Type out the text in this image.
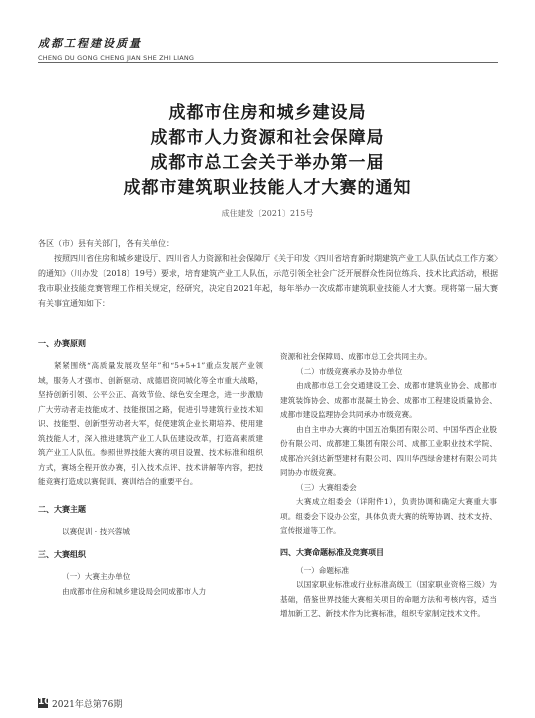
成都工程建设质量
CHENG DU GONG CHENG JIAN SHE ZHI LIANG
成都市住房和城乡建设局
成都市人力资源和社会保障局
成都市总工会关于举办第一届
成都市建筑职业技能人才大赛的通知
成住建发〔2021〕215号
各区（市）县有关部门，各有关单位：
按照四川省住房和城乡建设厅、四川省人力资源和社会保障厅《关于印发〈四川省培育新时期建筑产业工人队伍试点工作方案〉的通知》（川办发〔2018〕19号）要求，培育建筑产业工人队伍，示范引领全社会广泛开展群众性岗位练兵、技术比武活动，根据我市职业技能竞赛管理工作相关规定，经研究，决定自2021年起，每年举办一次成都市建筑职业技能人才大赛。现将第一届大赛有关事宜通知如下：
一、办赛原则
紧紧围绕“高质量发展攻坚年”和“5+5+1”重点发展产业领域，服务人才强市、创新驱动、成德眉资同城化等全市重大战略，坚持创新引领、公平公正、高效节俭、绿色安全理念，进一步激励广大劳动者走技能成才、技能报国之路，促进引导建筑行业技术知识、技能型、创新型劳动者大军，促使建筑企业长期培养、使用建筑技能人才，深入推进建筑产业工人队伍建设改革，打造高素质建筑产业工人队伍。参照世界技能大赛的项目设置、技术标准和组织方式，赛场全程开放办赛，引入技术点评、技术讲解等内容，把技能竞赛打造成以赛促训、赛训结合的重要平台。
二、大赛主题
以赛促训 · 技兴蓉城
三、大赛组织
（一）大赛主办单位
由成都市住房和城乡建设局会同成都市人力
资源和社会保障局、成都市总工会共同主办。
（二）市级竞赛承办及协办单位
由成都市总工会交通建设工会、成都市建筑业协会、成都市建筑装饰协会、成都市混凝土协会、成都市工程建设质量协会、成都市建设监理协会共同承办市级竞赛。
由自主申办大赛的中国五冶集团有限公司、中国华西企业股份有限公司、成都建工集团有限公司、成都工业职业技术学院、成都冶兴剑达新型建材有限公司、四川华西绿舍建材有限公司共同协办市级竞赛。
（三）大赛组委会
大赛成立组委会（详附件1），负责协调和确定大赛重大事项。组委会下设办公室，具体负责大赛的统筹协调、技术支持、宣传报道等工作。
四、大赛命题标准及竞赛项目
（一）命题标准
以国家职业标准或行业标准高级工（国家职业资格三级）为基础，借鉴世界技能大赛相关项目的命题方法和考核内容，适当增加新工艺、新技术作为比赛标准，组织专家制定技术文件。
10 2021年总第76期
